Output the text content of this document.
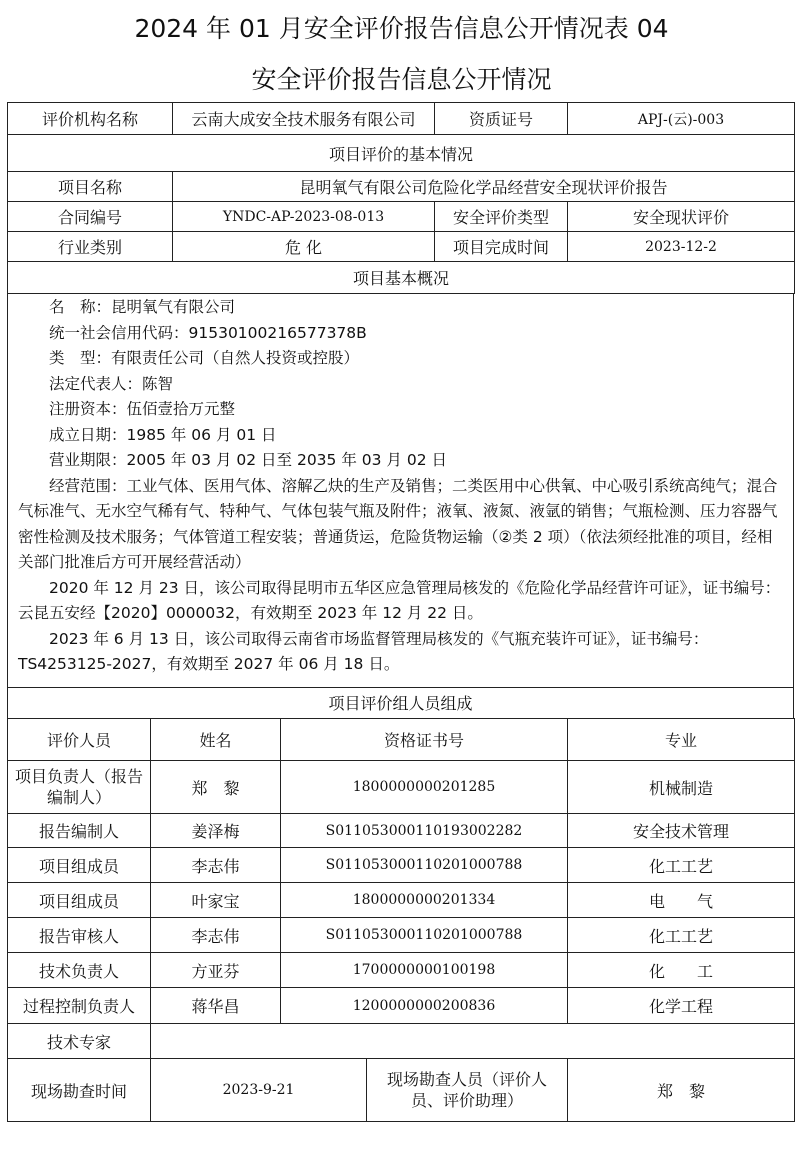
2024 年 01 月安全评价报告信息公开情况表 04
安全评价报告信息公开情况
评价机构名称	云南大成安全技术服务有限公司	资质证号	APJ-(云)-003
项目评价的基本情况			
项目名称	昆明氧气有限公司危险化学品经营安全现状评价报告		
合同编号	YNDC-AP-2023-08-013	安全评价类型	安全现状评价
行业类别	危 化	项目完成时间	2023-12-2
项目基本概况			

名　称：昆明氧气有限公司

统一社会信用代码：91530100216577378B

类　型：有限责任公司（自然人投资或控股）

法定代表人：陈智

注册资本：伍佰壹拾万元整

成立日期：1985 年 06 月 01 日

营业期限：2005 年 03 月 02 日至 2035 年 03 月 02 日

经营范围：工业气体、医用气体、溶解乙炔的生产及销售；二类医用中心供氧、中心吸引系统高纯气；混合气标准气、无水空气稀有气、特种气、气体包装气瓶及附件；液氧、液氮、液氩的销售；气瓶检测、压力容器气密性检测及技术服务；气体管道工程安装；普通货运，危险货物运输（②类 2 项）（依法须经批准的项目，经相关部门批准后方可开展经营活动）

2020 年 12 月 23 日，该公司取得昆明市五华区应急管理局核发的《危险化学品经营许可证》，证书编号：云昆五安经【2020】0000032，有效期至 2023 年 12 月 22 日。

2023 年 6 月 13 日，该公司取得云南省市场监督管理局核发的《气瓶充装许可证》，证书编号：TS4253125-2027，有效期至 2027 年 06 月 18 日。

项目评价组人员组成
评价人员	姓名	资格证书号	专业
项目负责人（报告编制人）	郑　黎	1800000000201285	机械制造
报告编制人	姜泽梅	S011053000110193002282	安全技术管理
项目组成员	李志伟	S011053000110201000788	化工工艺
项目组成员	叶家宝	1800000000201334	电　　气
报告审核人	李志伟	S011053000110201000788	化工工艺
技术负责人	方亚芬	1700000000100198	化　　工
过程控制负责人	蒋华昌	1200000000200836	化学工程
技术专家			
现场勘查时间	2023-9-21	现场勘查人员（评价人员、评价助理）	郑　黎
